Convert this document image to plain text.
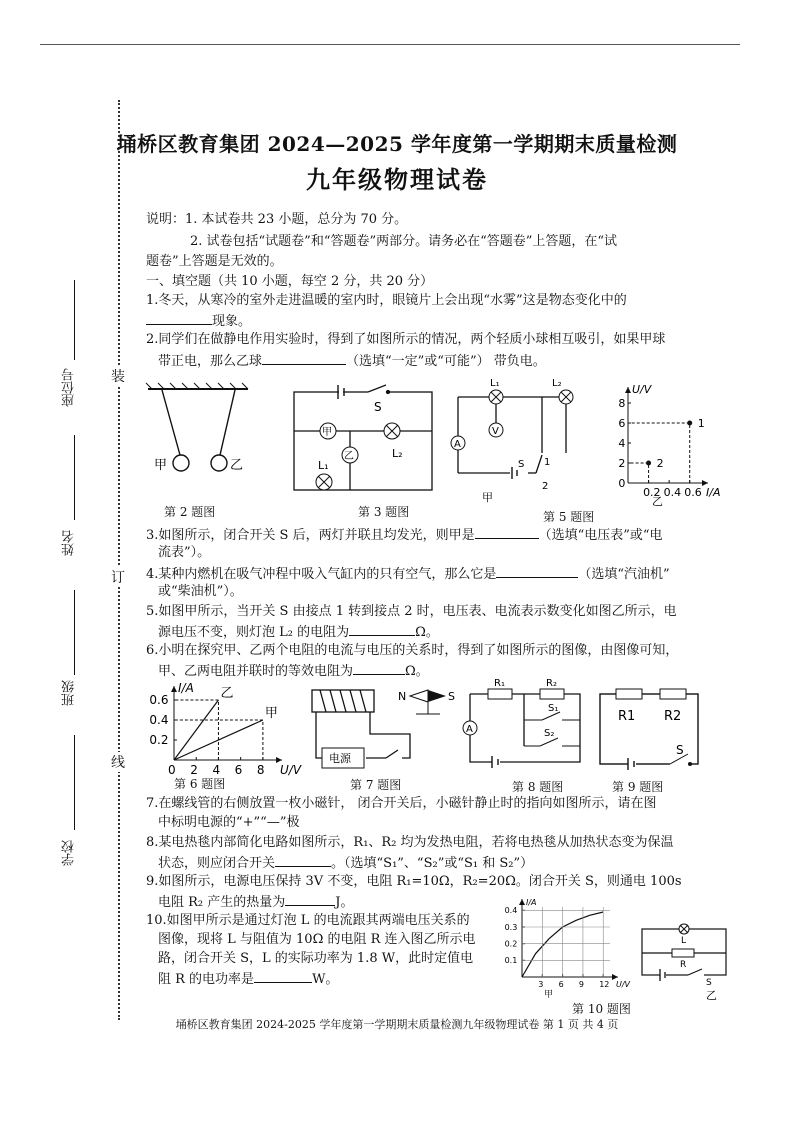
座位号
姓名
班级
学校
装
订
线
埇桥区教育集团 2024—2025 学年度第一学期期末质量检测
九年级物理试卷
说明：1. 本试卷共 23 小题，总分为 70 分。
2. 试卷包括“试题卷”和“答题卷”两部分。请务必在“答题卷”上答题，在“试
题卷”上答题是无效的。
一、填空题（共 10 小题，每空 2 分，共 20 分）
1.冬天，从寒冷的室外走进温暖的室内时，眼镜片上会出现“水雾”这是物态变化中的
现象。
2.同学们在做静电作用实验时，得到了如图所示的情况，两个轻质小球相互吸引，如果甲球
带正电，那么乙球	（选填“一定”或“可能”） 带负电。
甲	乙
S
甲
乙	L₂
L₁
L₁	L₂
V
A
S 1
2
甲	I/A
U/V
0.2 0.4 0.6
0
2
4
6
8
1
2
乙
第 2 题图	第 3 题图	第 5 题图
3.如图所示，闭合开关 S 后，两灯并联且均发光，则甲是	（选填“电压表”或“电
流表”）。
4.某种内燃机在吸气冲程中吸入气缸内的只有空气，那么它是	（选填“汽油机”
或“柴油机”）。
5.如图甲所示，当开关 S 由接点 1 转到接点 2 时，电压表、电流表示数变化如图乙所示，电
源电压不变，则灯泡 L₂ 的电阻为	Ω。
6.小明在探究甲、乙两个电阻的电流与电压的关系时，得到了如图所示的图像，由图像可知，
甲、乙两电阻并联时的等效电阻为	Ω。
U/V
I/A
0 2 4 6 8
0.2
0.4
0.6
甲
乙
电源
N	S
R₁	R₂
S₁
S₂
A
R1 R2
S
第 6 题图	第 7 题图	第 8 题图	第 9 题图
7.在螺线管的右侧放置一枚小磁针， 闭合开关后，小磁针静止时的指向如图所示，请在图
中标明电源的“+”“—”极
8.某电热毯内部简化电路如图所示，R₁、R₂ 均为发热电阻，若将电热毯从加热状态变为保温
状态，则应闭合开关	。（选填“S₁”、“S₂”或“S₁ 和 S₂”）
9.如图所示，电源电压保持 3V 不变，电阻 R₁=10Ω，R₂=20Ω。闭合开关 S，则通电 100s
电阻 R₂ 产生的热量为	J。
10.如图甲所示是通过灯泡 L 的电流跟其两端电压关系的
图像，现将 L 与阻值为 10Ω 的电阻 R 连入图乙所示电
路，闭合开关 S，L 的实际功率为 1.8 W，此时定值电
阻 R 的电功率是	W。	U/V
I/A
3 6 9 12
0.1
0.2
0.3
0.4
甲
L
R
S
乙
第 10 题图
埇桥区教育集团 2024-2025 学年度第一学期期末质量检测九年级物理试卷 第 1 页 共 4 页
